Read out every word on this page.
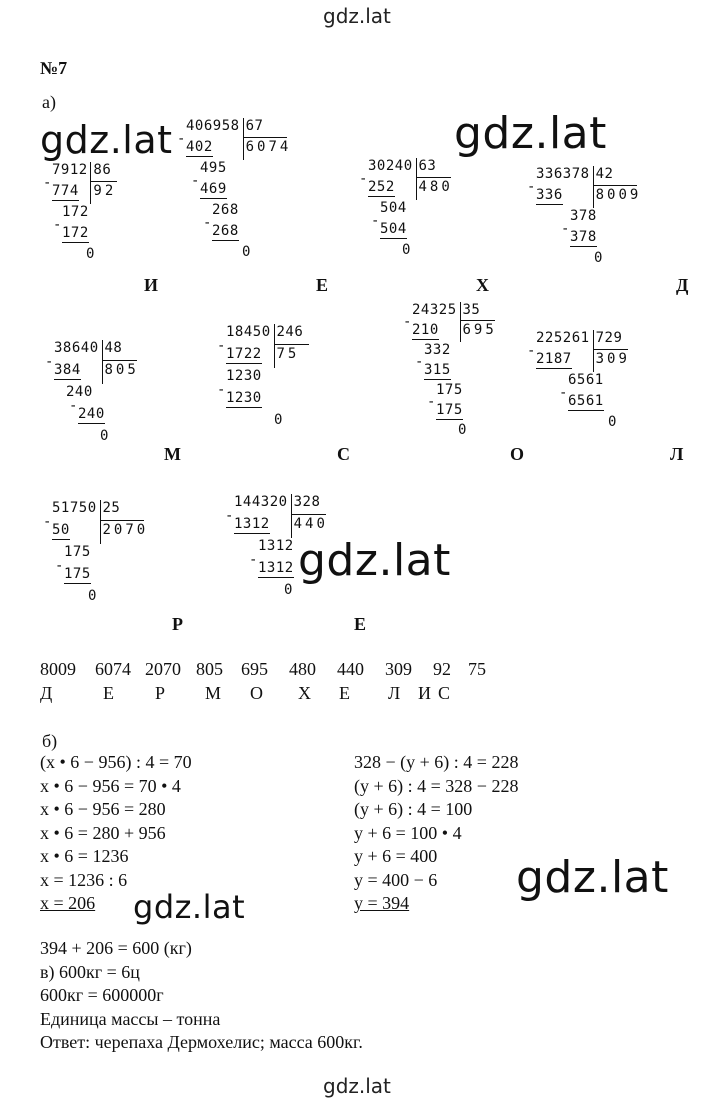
gdz.lat
№7
а)
7912
774
-
172
172
-
0
86
92
И
406958
402
-
495
469
-
268
268
-
0
67
6074
Е
30240
252
-
504
504
-
0
63
480
Х
336378
336
-
378
378
-
0
42
8009
Д
38640
384
-
240
240
-
0
48
805
М
18450
1722
-
1230
1230
-
0
246
75
С
24325
210
-
332
315
-
175
175
-
0
35
695
О
225261
2187
-
6561
6561
-
0
729
309
Л
51750
50
-
175
175
-
0
25
2070
Р
144320
1312
-
1312
1312
-
0
328
440
Е
8009 6074 2070 805 695 480 440 309 92 75
Д	Е Р М О Х Е Л И С
б)
(x • 6 − 956) : 4 = 70
x • 6 − 956 = 70 • 4
x • 6 − 956 = 280
x • 6 = 280 + 956
x • 6 = 1236
x = 1236 : 6
x = 206
328 − (y + 6) : 4 = 228
(y + 6) : 4 = 328 − 228
(y + 6) : 4 = 100
y + 6 = 100 • 4
y + 6 = 400
y = 400 − 6
y = 394
394 + 206 = 600 (кг)
в) 600кг = 6ц
600кг = 600000г
Единица массы – тонна
Ответ: черепаха Дермохелис; масса 600кг.
gdz.lat	gdz.lat
gdz.lat
gdz.lat
gdz.lat
gdz.lat
